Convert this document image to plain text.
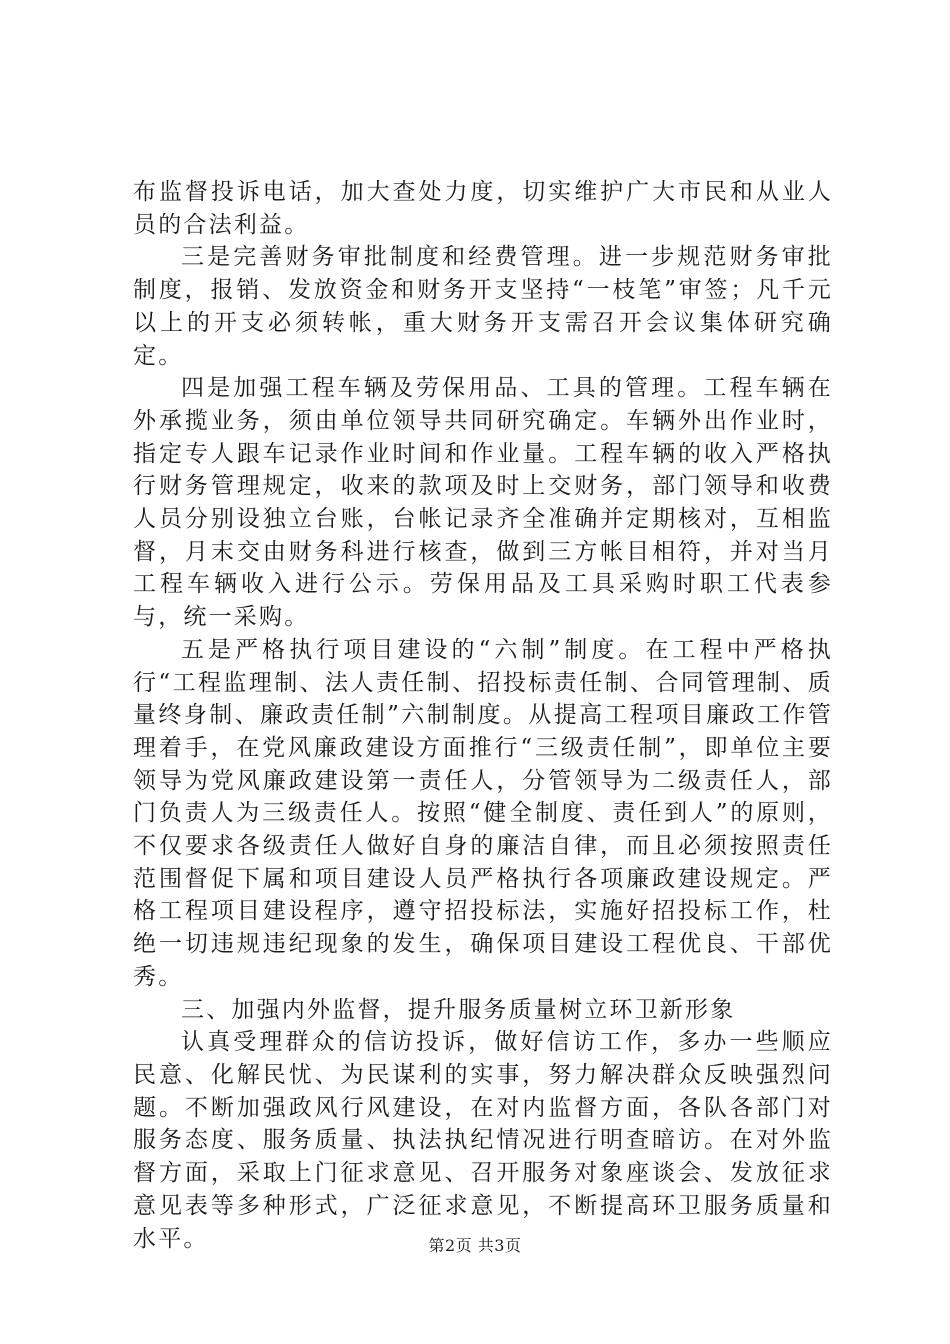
布监督投诉电话，加大查处力度，切实维护广大市民和从业人员的合法利益。

三是完善财务审批制度和经费管理。进一步规范财务审批制度，报销、发放资金和财务开支坚持“一枝笔”审签；凡千元以上的开支必须转帐，重大财务开支需召开会议集体研究确定。

四是加强工程车辆及劳保用品、工具的管理。工程车辆在外承揽业务，须由单位领导共同研究确定。车辆外出作业时，指定专人跟车记录作业时间和作业量。工程车辆的收入严格执行财务管理规定，收来的款项及时上交财务，部门领导和收费人员分别设独立台账，台帐记录齐全准确并定期核对，互相监督，月末交由财务科进行核查，做到三方帐目相符，并对当月工程车辆收入进行公示。劳保用品及工具采购时职工代表参与，统一采购。

五是严格执行项目建设的“六制”制度。在工程中严格执行“工程监理制、法人责任制、招投标责任制、合同管理制、质量终身制、廉政责任制”六制制度。从提高工程项目廉政工作管理着手，在党风廉政建设方面推行“三级责任制”，即单位主要领导为党风廉政建设第一责任人，分管领导为二级责任人，部门负责人为三级责任人。按照“健全制度、责任到人”的原则，不仅要求各级责任人做好自身的廉洁自律，而且必须按照责任范围督促下属和项目建设人员严格执行各项廉政建设规定。严格工程项目建设程序，遵守招投标法，实施好招投标工作，杜绝一切违规违纪现象的发生，确保项目建设工程优良、干部优秀。

三、加强内外监督，提升服务质量树立环卫新形象

认真受理群众的信访投诉，做好信访工作，多办一些顺应民意、化解民忧、为民谋利的实事，努力解决群众反映强烈问题。不断加强政风行风建设，在对内监督方面，各队各部门对服务态度、服务质量、执法执纪情况进行明查暗访。在对外监督方面，采取上门征求意见、召开服务对象座谈会、发放征求意见表等多种形式，广泛征求意见，不断提高环卫服务质量和水平。	第2页 共3页
